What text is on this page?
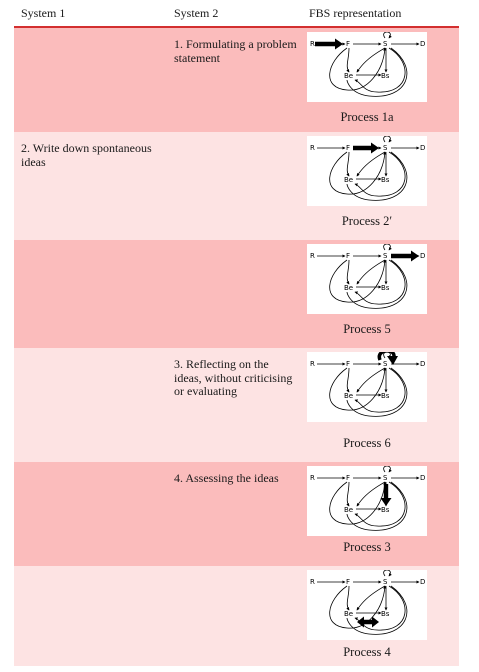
System 1	System 2	FBS representation
1. Formulating a problem statement
Process 1a
2. Write down spontaneous ideas
Process 2′
Process 5
3. Reflecting on the ideas, without criticising or evaluating
Process 6
4. Assessing the ideas
Process 3
Process 4
